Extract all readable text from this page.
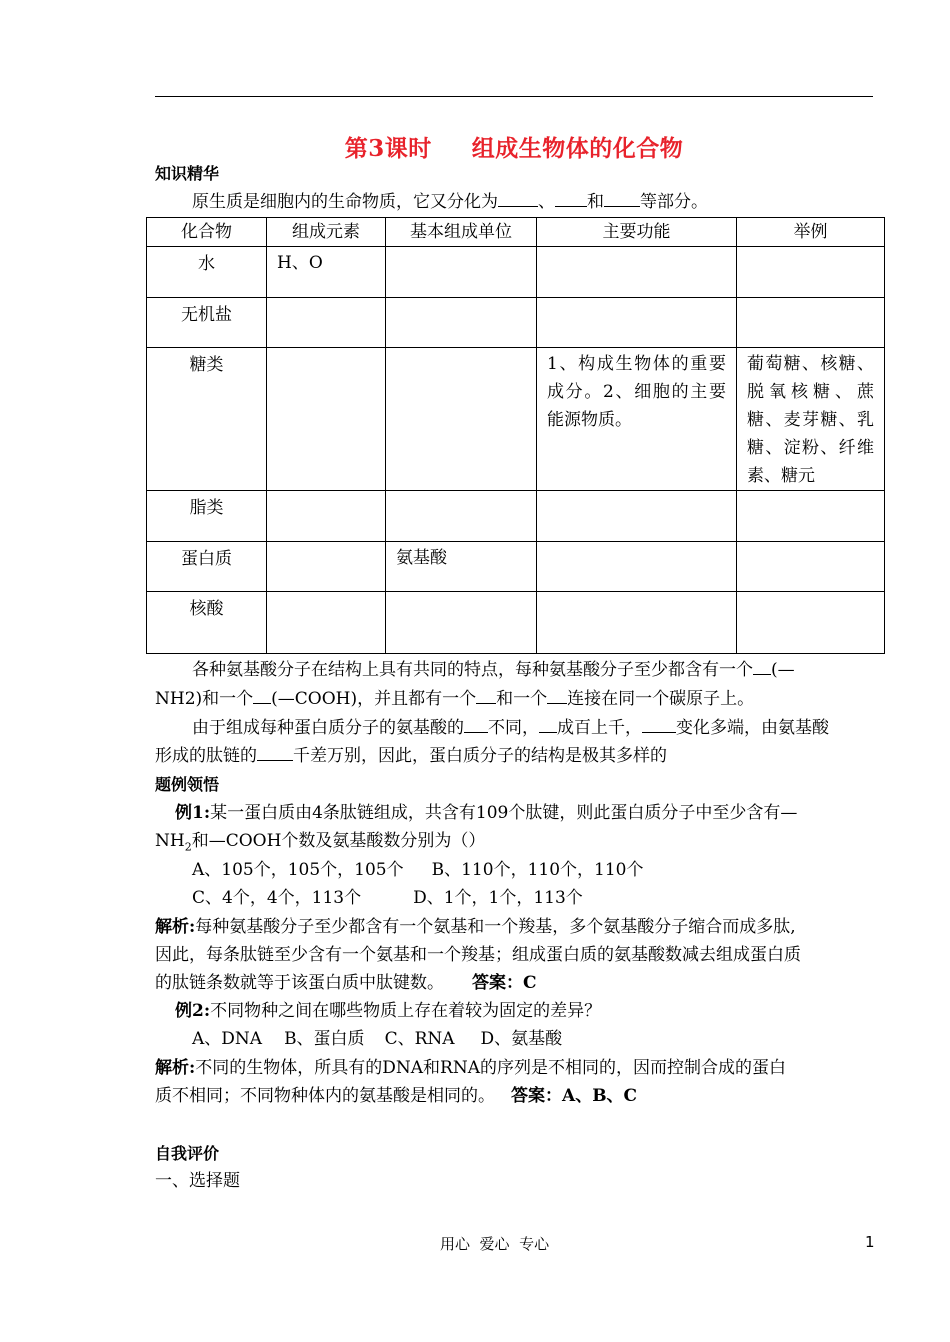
第3课时 组成生物体的化合物
知识精华
原生质是细胞内的生命物质，它又分化为 、 和 等部分。
化合物	组成元素	基本组成单位	主要功能	举例
水	H、O			

无机盐	

糖类			1、构成生物体的重要成分。2、细胞的主要能源物质。	葡萄糖、核糖、脱氧核糖、蔗糖、麦芽糖、乳糖、淀粉、纤维素、糖元

脂类	

蛋白质		氨基酸		

核酸	

各种氨基酸分子在结构上具有共同的特点，每种氨基酸分子至少都含有一个 (—
NH2)和一个 (—COOH)，并且都有一个 和一个 连接在同一个碳原子上。
由于组成每种蛋白质分子的氨基酸的 不同， 成百上千， 变化多端，由氨基酸
形成的肽链的 千差万别，因此，蛋白质分子的结构是极其多样的
题例领悟
例1:某一蛋白质由4条肽链组成，共含有109个肽键，则此蛋白质分子中至少含有—
$NH_2$和—COOH个数及氨基酸数分别为（）
A、105个，105个，105个 B、110个，110个，110个
C、4个，4个，113个	D、1个，1个，113个
解析:每种氨基酸分子至少都含有一个氨基和一个羧基，多个氨基酸分子缩合而成多肽,
因此，每条肽链至少含有一个氨基和一个羧基；组成蛋白质的氨基酸数减去组成蛋白质
的肽链条数就等于该蛋白质中肽键数。 答案：C
例2:不同物种之间在哪些物质上存在着较为固定的差异？
A、DNA B、蛋白质 C、RNA D、氨基酸
解析:不同的生物体，所具有的DNA和RNA的序列是不相同的，因而控制合成的蛋白
质不相同；不同物种体内的氨基酸是相同的。 答案：A、B、C
自我评价
一、选择题
用心  爱心  专心	1
